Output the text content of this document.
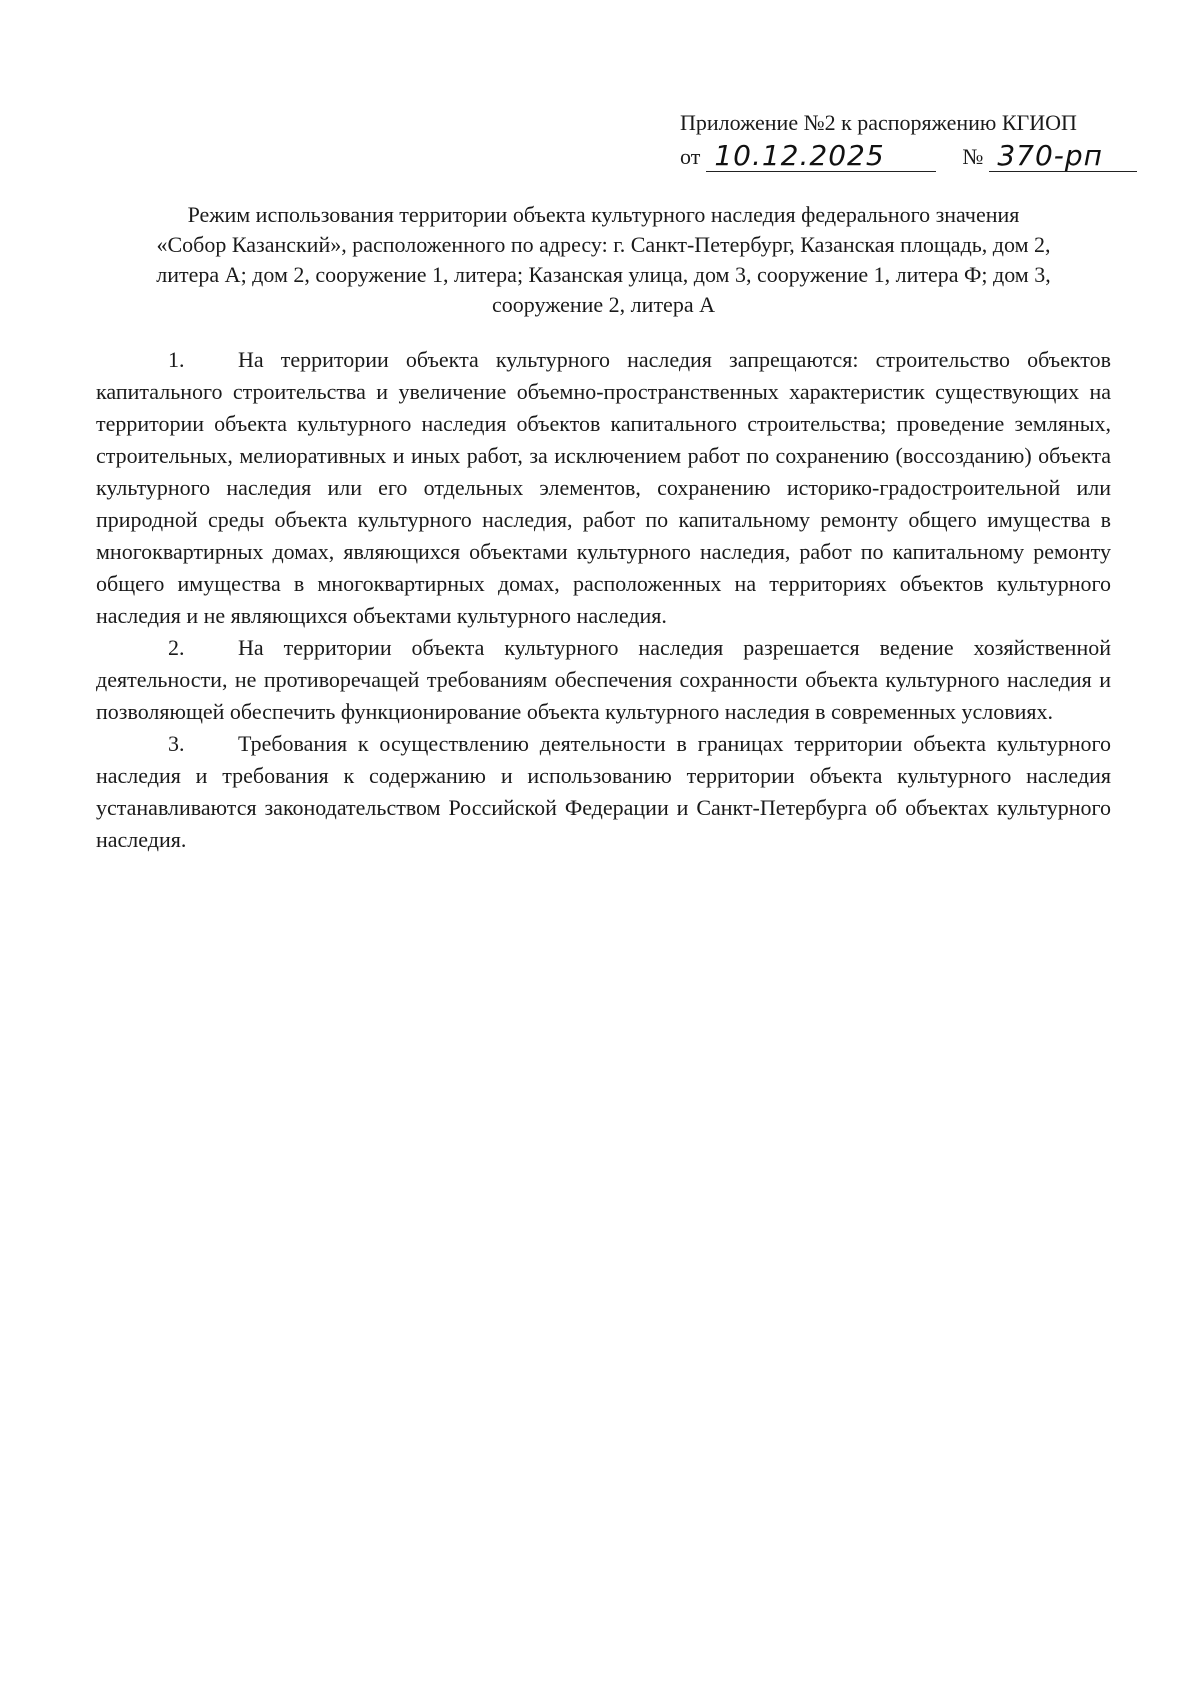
Приложение №2 к распоряжению КГИОП
от 10.12.2025	№ 370-рп
Режим использования территории объекта культурного наследия федерального значения
«Собор Казанский», расположенного по адресу: г. Санкт-Петербург, Казанская площадь, дом 2,
литера А; дом 2, сооружение 1, литера; Казанская улица, дом 3, сооружение 1, литера Ф; дом 3,
сооружение 2, литера А

1. На территории объекта культурного наследия запрещаются: строительство объектов капитального строительства и увеличение объемно-пространственных характеристик существующих на территории объекта культурного наследия объектов капитального строительства; проведение земляных, строительных, мелиоративных и иных работ, за исключением работ по сохранению (воссозданию) объекта культурного наследия или его отдельных элементов, сохранению историко-градостроительной или природной среды объекта культурного наследия, работ по капитальному ремонту общего имущества в многоквартирных домах, являющихся объектами культурного наследия, работ по капитальному ремонту общего имущества в многоквартирных домах, расположенных на территориях объектов культурного наследия и не являющихся объектами культурного наследия.

2. На территории объекта культурного наследия разрешается ведение хозяйственной деятельности, не противоречащей требованиям обеспечения сохранности объекта культурного наследия и позволяющей обеспечить функционирование объекта культурного наследия в современных условиях.

3. Требования к осуществлению деятельности в границах территории объекта культурного наследия и требования к содержанию и использованию территории объекта культурного наследия устанавливаются законодательством Российской Федерации и Санкт-Петербурга об объектах культурного наследия.
